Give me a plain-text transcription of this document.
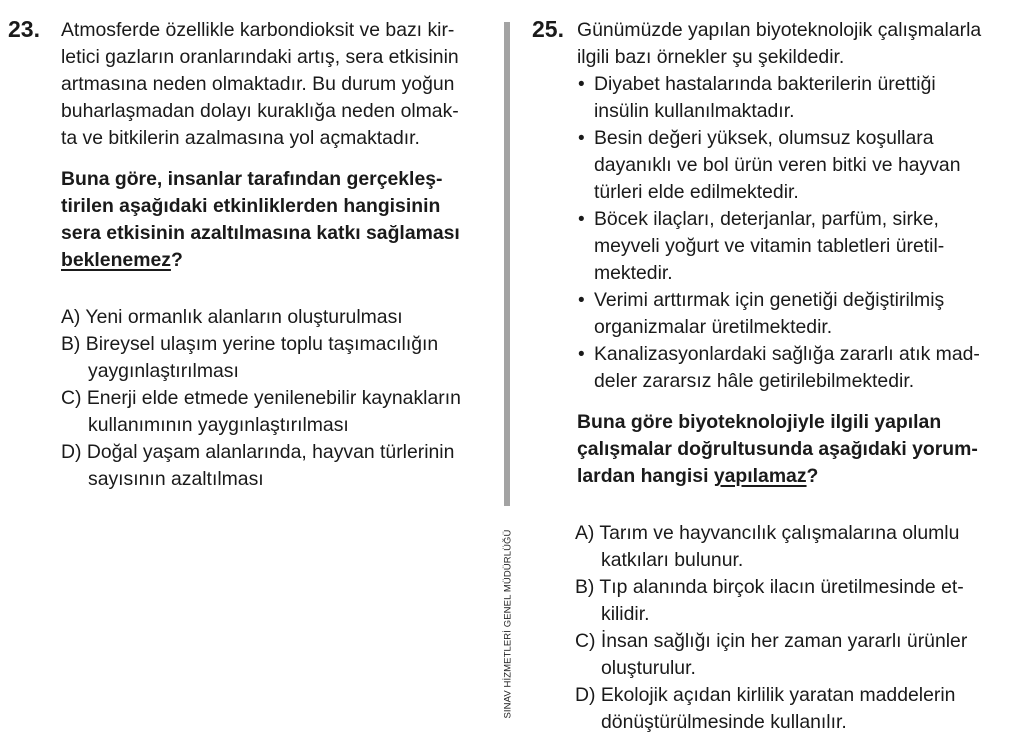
23. Atmosferde özellikle karbondioksit ve bazı kir-
letici gazların oranlarındaki artış, sera etkisinin
artmasına neden olmaktadır. Bu durum yoğun
buharlaşmadan dolayı kuraklığa neden olmak-
ta ve bitkilerin azalmasına yol açmaktadır.
Buna göre, insanlar tarafından gerçekleş-
tirilen aşağıdaki etkinliklerden hangisinin
sera etkisinin azaltılmasına katkı sağlaması
beklenemez?
A) Yeni ormanlık alanların oluşturulması
B) Bireysel ulaşım yerine toplu taşımacılığın
yaygınlaştırılması
C) Enerji elde etmede yenilenebilir kaynakların
kullanımının yaygınlaştırılması
D) Doğal yaşam alanlarında, hayvan türlerinin
sayısının azaltılması
SINAV HİZMETLERİ GENEL MÜDÜRLÜĞÜ
25. Günümüzde yapılan biyoteknolojik çalışmalarla
ilgili bazı örnekler şu şekildedir.
• Diyabet hastalarında bakterilerin ürettiği
insülin kullanılmaktadır.
• Besin değeri yüksek, olumsuz koşullara
dayanıklı ve bol ürün veren bitki ve hayvan
türleri elde edilmektedir.
• Böcek ilaçları, deterjanlar, parfüm, sirke,
meyveli yoğurt ve vitamin tabletleri üretil-
mektedir.
• Verimi arttırmak için genetiği değiştirilmiş
organizmalar üretilmektedir.
• Kanalizasyonlardaki sağlığa zararlı atık mad-
deler zararsız hâle getirilebilmektedir.
Buna göre biyoteknolojiyle ilgili yapılan
çalışmalar doğrultusunda aşağıdaki yorum-
lardan hangisi yapılamaz?
A) Tarım ve hayvancılık çalışmalarına olumlu
katkıları bulunur.
B) Tıp alanında birçok ilacın üretilmesinde et-
kilidir.
C) İnsan sağlığı için her zaman yararlı ürünler
oluşturulur.
D) Ekolojik açıdan kirlilik yaratan maddelerin
dönüştürülmesinde kullanılır.
